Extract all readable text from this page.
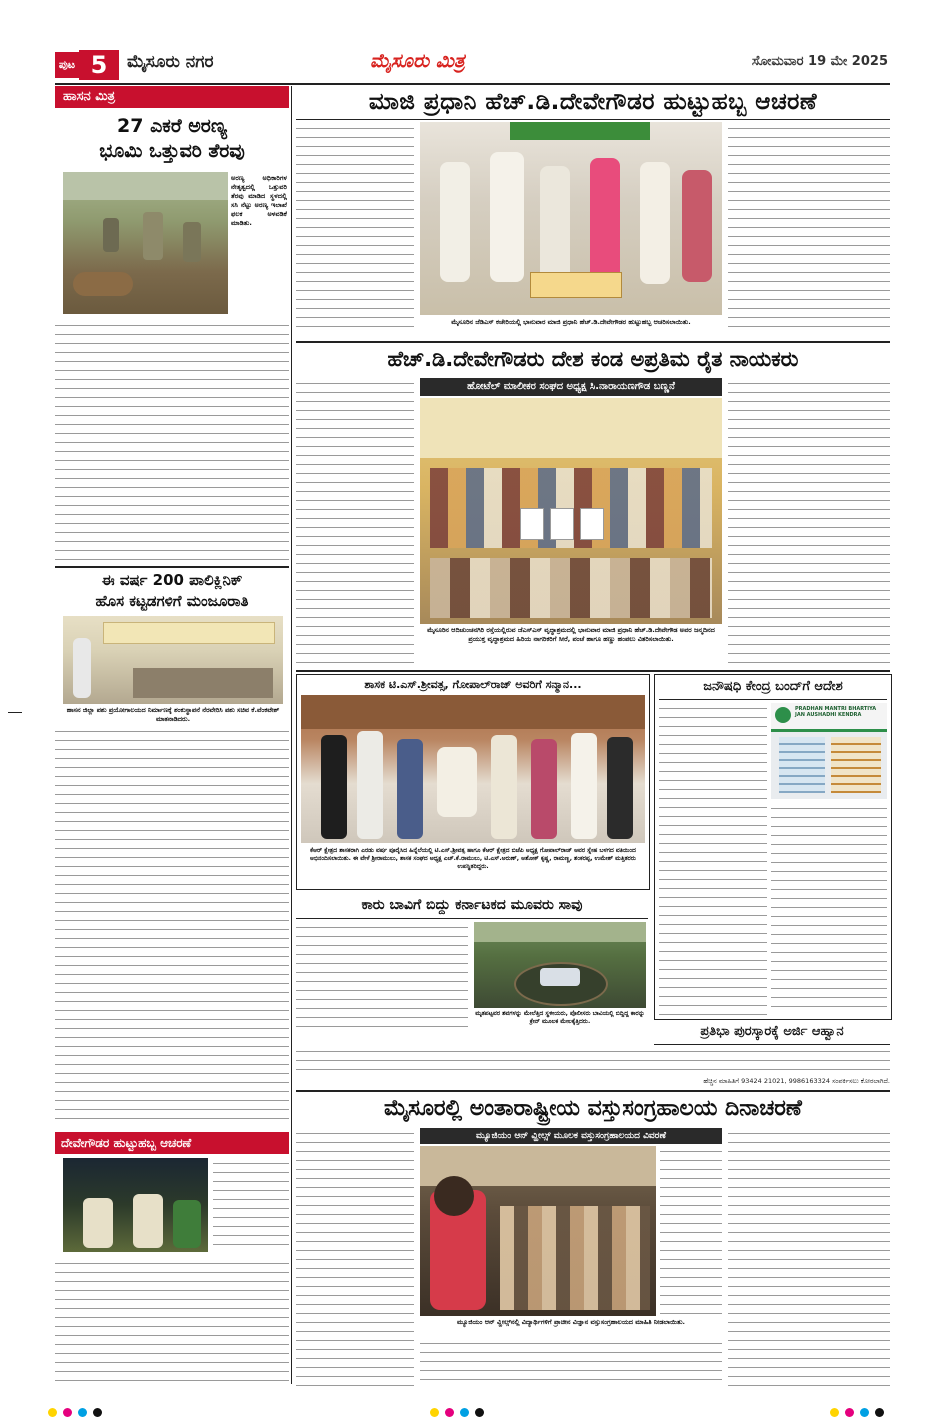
ಪುಟ 5	ಮೈಸೂರು ನಗರ	ಮೈಸೂರು ಮಿತ್ರ	ಸೋಮವಾರ 19 ಮೇ 2025
ಹಾಸನ ಮಿತ್ರ
27 ಎಕರೆ ಅರಣ್ಯ
ಭೂಮಿ ಒತ್ತುವರಿ ತೆರವು
ಅರಣ್ಯ ಅಧಿಕಾರಿಗಳ ನೇತೃತ್ವದಲ್ಲಿ ಒತ್ತುವರಿ ತೆರವು ಮಾಡಿದ ಸ್ಥಳದಲ್ಲಿ ಸಸಿ ನೆಟ್ಟು ಅರಣ್ಯ ಇಲಾಖೆ ಫಲಕ ಅಳವಡಿಕೆ ಮಾಡಿತು.
ಈ ವರ್ಷ 200 ಪಾಲಿಕ್ಲಿನಿಕ್
ಹೊಸ ಕಟ್ಟಡಗಳಿಗೆ ಮಂಜೂರಾತಿ
ಹಾಸನ ಜಿಲ್ಲಾ ಪಶು ಪ್ರಯೋಗಾಲಯದ ನಿರ್ಮಾಣಕ್ಕೆ ಶಂಕುಸ್ಥಾಪನೆ ನೆರವೇರಿಸಿ ಪಶು ಸಚಿವ ಕೆ.ವೆಂಕಟೇಶ್ ಮಾತನಾಡಿದರು.
ದೇವೇಗೌಡರ ಹುಟ್ಟುಹಬ್ಬ ಆಚರಣೆ
ಮಾಜಿ ಪ್ರಧಾನಿ ಹೆಚ್.ಡಿ.ದೇವೇಗೌಡರ ಹುಟ್ಟುಹಬ್ಬ ಆಚರಣೆ
ಮೈಸೂರಿನ ಜೆಡಿಎಸ್ ಕಚೇರಿಯಲ್ಲಿ ಭಾನುವಾರ ಮಾಜಿ ಪ್ರಧಾನಿ ಹೆಚ್.ಡಿ.ದೇವೇಗೌಡರ ಹುಟ್ಟುಹಬ್ಬ ಆಚರಿಸಲಾಯಿತು.
ಹೆಚ್.ಡಿ.ದೇವೇಗೌಡರು ದೇಶ ಕಂಡ ಅಪ್ರತಿಮ ರೈತ ನಾಯಕರು
ಹೋಟೆಲ್ ಮಾಲೀಕರ ಸಂಘದ ಅಧ್ಯಕ್ಷ ಸಿ.ನಾರಾಯಣಗೌಡ ಬಣ್ಣನೆ
ಮೈಸೂರಿನ ಆದಿಚುಂಚನಗಿರಿ ರಸ್ತೆಯಲ್ಲಿರುವ ಜೆಎಸ್ಎಸ್ ವೃದ್ಧಾಶ್ರಮದಲ್ಲಿ ಭಾನುವಾರ ಮಾಜಿ ಪ್ರಧಾನಿ ಹೆಚ್.ಡಿ.ದೇವೇಗೌಡ ಅವರ ಜನ್ಮದಿನದ ಪ್ರಯುಕ್ತ ವೃದ್ಧಾಶ್ರಮದ ಹಿರಿಯ ನಾಗರಿಕರಿಗೆ ಸೀರೆ, ಪಂಚೆ ಹಾಗೂ ಹಣ್ಣು ಹಂಪಲು ವಿತರಿಸಲಾಯಿತು.
ಶಾಸಕ ಟಿ.ಎಸ್.ಶ್ರೀವತ್ಸ, ಗೋಪಾಲ್‌ರಾಜ್ ಅವರಿಗೆ ಸನ್ಮಾನ...
ಕೆಆರ್ ಕ್ಷೇತ್ರದ ಶಾಸಕರಾಗಿ ಎರಡು ವರ್ಷ ಪೂರೈಸಿದ ಹಿನ್ನೆಲೆಯಲ್ಲಿ ಟಿ.ಎಸ್.ಶ್ರೀವತ್ಸ ಹಾಗೂ ಕೆಆರ್ ಕ್ಷೇತ್ರದ ಬಿಜೆಪಿ ಅಧ್ಯಕ್ಷ ಗೋಪಾಲ್‌ರಾಜ್ ಅವರ ಸ್ನೇಹ ಬಳಗದ ವತಿಯಿಂದ ಅಭಿನಂದಿಸಲಾಯಿತು. ಈ ವೇಳೆ ಶ್ರೀರಾಮುಲು, ಶಾಸಕ ಸಂಘದ ಅಧ್ಯಕ್ಷ ಎಚ್.ಕೆ.ರಾಮುಲು, ಟಿ.ಎಸ್.ಅರುಣ್, ಅಶೋಕ್ ಕೃಷ್ಣ, ರಾಮಣ್ಣ, ಶಂಕರಪ್ಪ, ಉಮೇಶ್ ಮತ್ತಿತರರು ಉಪಸ್ಥಿತರಿದ್ದರು.
ಜನೌಷಧಿ ಕೇಂದ್ರ ಬಂದ್‌ಗೆ ಆದೇಶ
PRADHAN MANTRI BHARTIYA JAN AUSHADHI KENDRA
ಕಾರು ಬಾವಿಗೆ ಬಿದ್ದು ಕರ್ನಾಟಕದ ಮೂವರು ಸಾವು
ಮೃತಪಟ್ಟವರ ಶವಗಳನ್ನು ಮೇಲೆತ್ತಿದ ಸ್ಥಳೀಯರು, ಪೊಲೀಸರು ಬಾವಿಯಲ್ಲಿ ಬಿದ್ದಿದ್ದ ಕಾರನ್ನು ಕ್ರೇನ್ ಮೂಲಕ ಮೇಲಕ್ಕೆತ್ತಿದರು.
ಪ್ರತಿಭಾ ಪುರಸ್ಕಾರಕ್ಕೆ ಅರ್ಜಿ ಆಹ್ವಾನ
ಹೆಚ್ಚಿನ ಮಾಹಿತಿಗೆ 93424 21021, 9986163324 ಸಂಪರ್ಕಿಸಲು ಕೋರಲಾಗಿದೆ.
ಮೈಸೂರಲ್ಲಿ ಅಂತಾರಾಷ್ಟ್ರೀಯ ವಸ್ತುಸಂಗ್ರಹಾಲಯ ದಿನಾಚರಣೆ
ಮ್ಯೂಜಿಯಂ ಆನ್ ವ್ಹೀಲ್ಸ್ ಮೂಲಕ ವಸ್ತುಸಂಗ್ರಹಾಲಯದ ವಿವರಣೆ
ಮ್ಯೂಜಿಯಂ ಆನ್ ವ್ಹೀಲ್ಸ್‌ನಲ್ಲಿ ವಿದ್ಯಾರ್ಥಿಗಳಿಗೆ ಪ್ರಾಚೀನ ವಿಜ್ಞಾನ ವಸ್ತುಸಂಗ್ರಹಾಲಯದ ಮಾಹಿತಿ ನೀಡಲಾಯಿತು.
